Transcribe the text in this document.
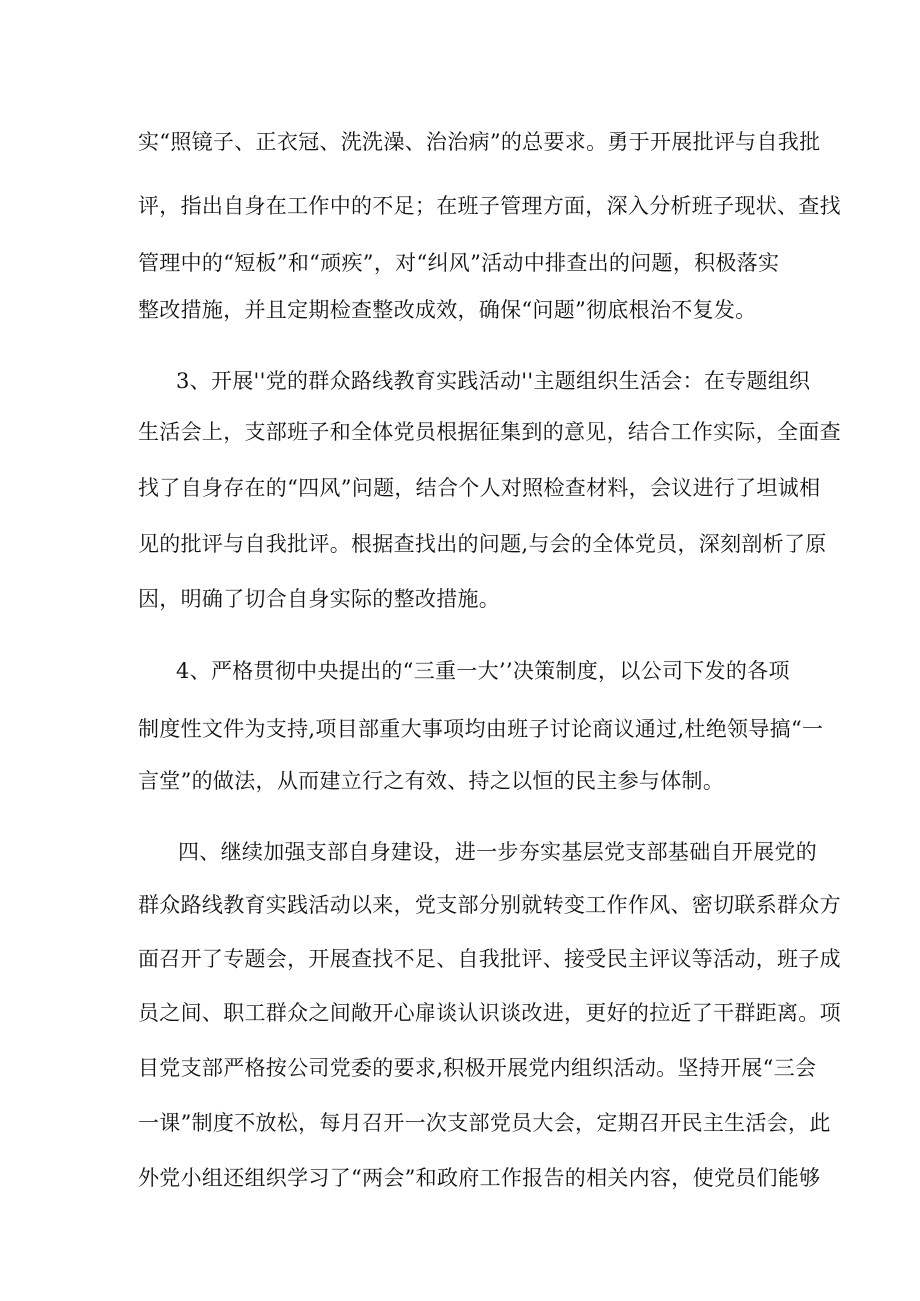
实“照镜子、正衣冠、洗洗澡、治治病”的总要求。勇于开展批评与自我批
评，指出自身在工作中的不足；在班子管理方面，深入分析班子现状、查找
管理中的“短板”和“顽疾”，对“纠风”活动中排查出的问题，积极落实
整改措施，并且定期检查整改成效，确保“问题”彻底根治不复发。
3、开展''党的群众路线教育实践活动''主题组织生活会：在专题组织
生活会上，支部班子和全体党员根据征集到的意见，结合工作实际，全面查
找了自身存在的“四风”问题，结合个人对照检查材料，会议进行了坦诚相
见的批评与自我批评。根据查找出的问题,与会的全体党员，深刻剖析了原
因，明确了切合自身实际的整改措施。
4、严格贯彻中央提出的“三重一大’’决策制度，以公司下发的各项
制度性文件为支持,项目部重大事项均由班子讨论商议通过,杜绝领导搞“一
言堂”的做法，从而建立行之有效、持之以恒的民主参与体制。
四、继续加强支部自身建设，进一步夯实基层党支部基础自开展党的
群众路线教育实践活动以来，党支部分别就转变工作作风、密切联系群众方
面召开了专题会，开展查找不足、自我批评、接受民主评议等活动，班子成
员之间、职工群众之间敞开心扉谈认识谈改进，更好的拉近了干群距离。项
目党支部严格按公司党委的要求,积极开展党内组织活动。坚持开展“三会
一课”制度不放松，每月召开一次支部党员大会，定期召开民主生活会，此
外党小组还组织学习了“两会”和政府工作报告的相关内容，使党员们能够
